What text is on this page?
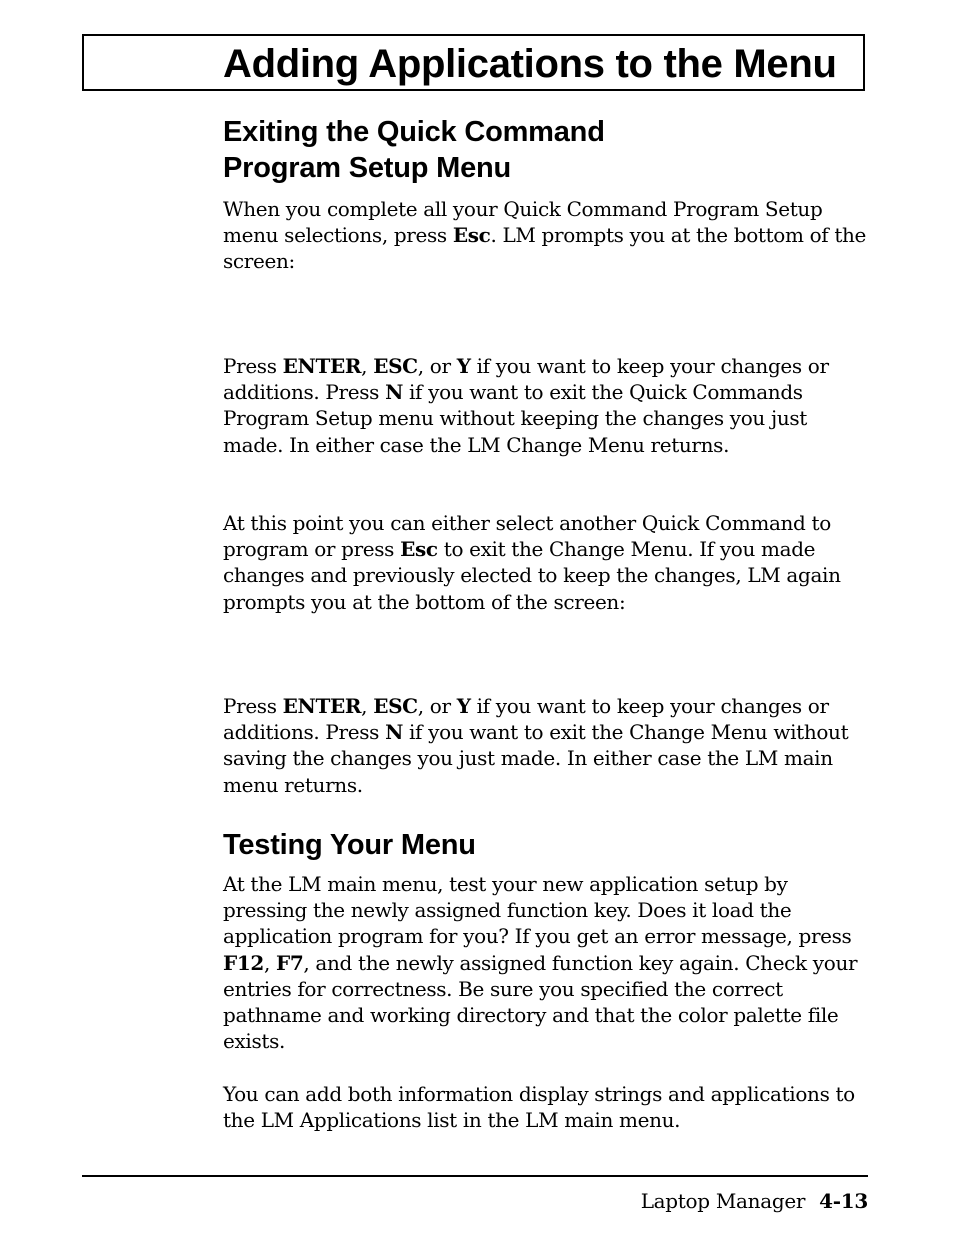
Adding Applications to the Menu
Exiting the Quick Command
Program Setup Menu

When you complete all your Quick Command Program Setup menu selections, press Esc. LM prompts you at the bottom of the screen:

Press ENTER, ESC, or Y if you want to keep your changes or additions. Press N if you want to exit the Quick Commands Program Setup menu without keeping the changes you just made. In either case the LM Change Menu returns.

At this point you can either select another Quick Command to program or press Esc to exit the Change Menu. If you made changes and previously elected to keep the changes, LM again prompts you at the bottom of the screen:

Press ENTER, ESC, or Y if you want to keep your changes or additions. Press N if you want to exit the Change Menu without saving the changes you just made. In either case the LM main menu returns.

Testing Your Menu

At the LM main menu, test your new application setup by pressing the newly assigned function key. Does it load the application program for you? If you get an error message, press F12, F7, and the newly assigned function key again. Check your entries for correctness. Be sure you specified the correct pathname and working directory and that the color palette file exists.

You can add both information display strings and applications to the LM Applications list in the LM main menu.

Laptop Manager 4-13
